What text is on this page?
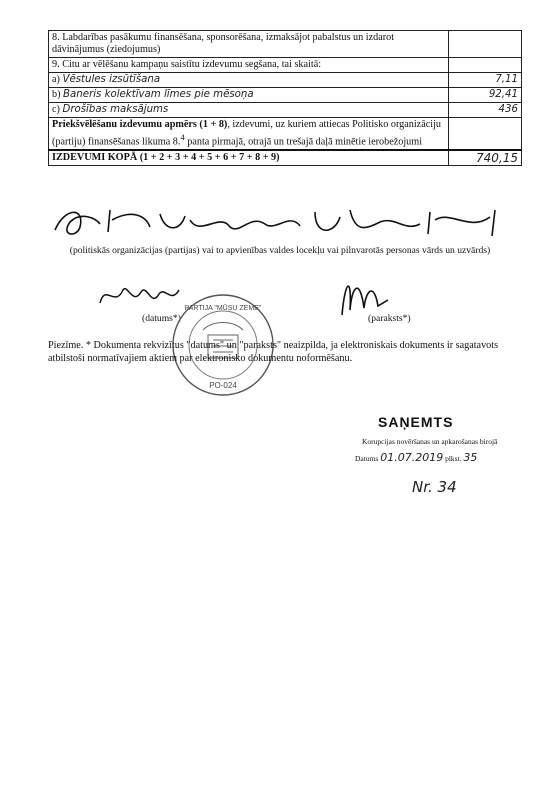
8. Labdarības pasākumu finansēšana, sponsorēšana, izmaksājot pabalstus un izdarot dāvinājumus (ziedojumus)	
9. Citu ar vēlēšanu kampaņu saistītu izdevumu segšana, tai skaitā:	
a) Vēstules izsūtīšana	7,11
b) Baneris kolektīvam līmes pie mēsoņa	92,41
c) Drošības maksājums	436
Priekšvēlēšanu izdevumu apmērs (1 + 8), izdevumi, uz kuriem attiecas Politisko organizāciju (partiju) finansēšanas likuma 8.$^4$ panta pirmajā, otrajā un trešajā daļā minētie ierobežojumi	
IZDEVUMI KOPĀ (1 + 2 + 3 + 4 + 5 + 6 + 7 + 8 + 9)	740,15
(politiskās organizācijas (partijas) vai to apvienības valdes locekļu vai pilnvarotās personas vārds un uzvārds)
(datums*)	(paraksts*)
PARTIJA "MŪSU ZEME"
PO-024
Piezīme. * Dokumenta rekvizītus "datums" un "paraksts" neaizpilda, ja elektroniskais dokuments ir sagatavots atbilstoši normatīvajiem aktiem par elektronisko dokumentu noformēšanu.
SAŅEMTS
Korupcijas novēršanas un apkarošanas birojā
Datums 01.07.2019 plkst. 35
Nr. 34
